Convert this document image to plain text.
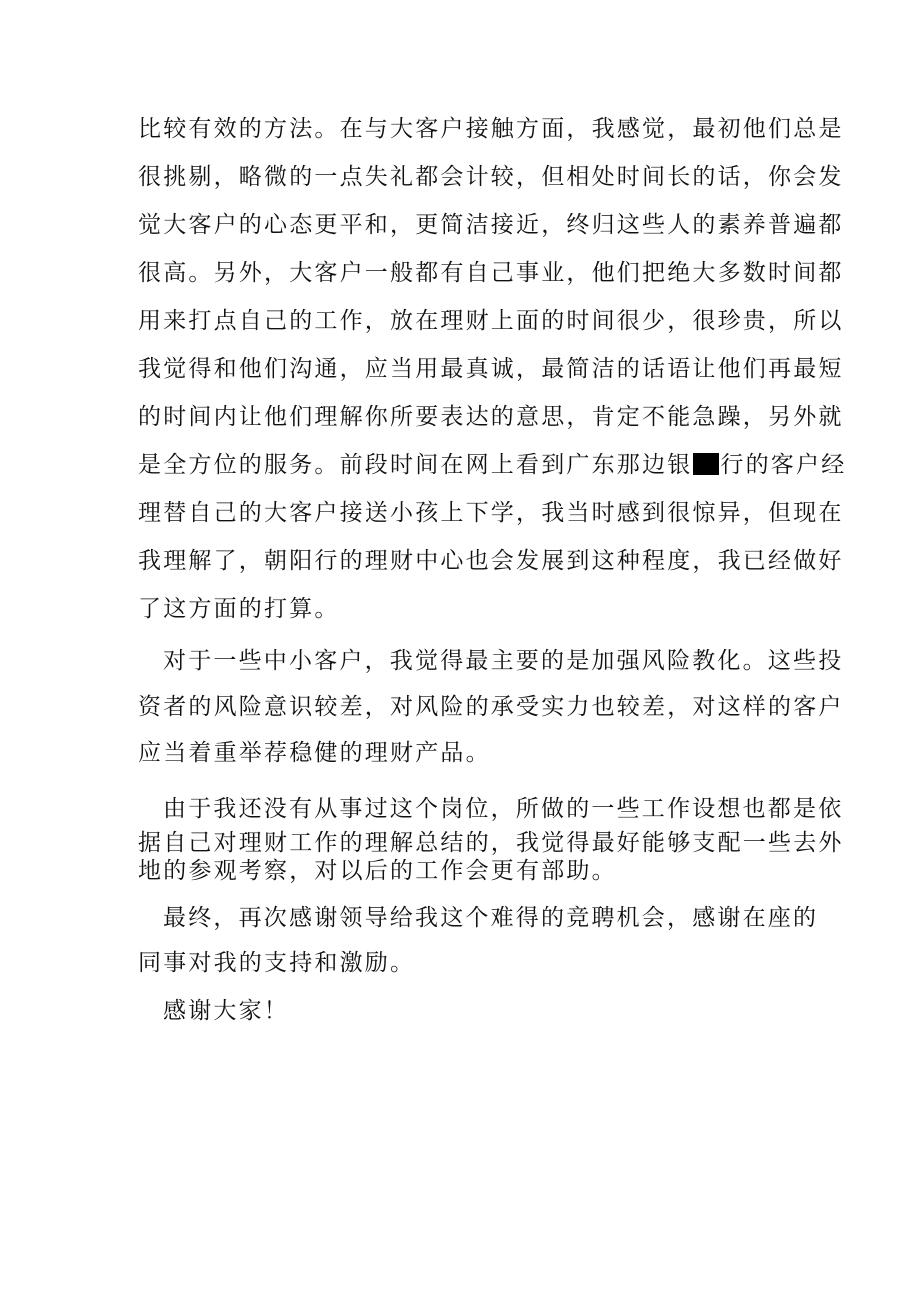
比较有效的方法。在与大客户接触方面，我感觉，最初他们总是
很挑剔，略微的一点失礼都会计较，但相处时间长的话，你会发
觉大客户的心态更平和，更简洁接近，终归这些人的素养普遍都
很高。另外，大客户一般都有自己事业，他们把绝大多数时间都
用来打点自己的工作，放在理财上面的时间很少，很珍贵，所以
我觉得和他们沟通，应当用最真诚，最简洁的话语让他们再最短
的时间内让他们理解你所要表达的意思，肯定不能急躁，另外就
是全方位的服务。前段时间在网上看到广东那边银 行的客户经
理替自己的大客户接送小孩上下学，我当时感到很惊异，但现在
我理解了，朝阳行的理财中心也会发展到这种程度，我已经做好
了这方面的打算。
对于一些中小客户，我觉得最主要的是加强风险教化。这些投
资者的风险意识较差，对风险的承受实力也较差，对这样的客户
应当着重举荐稳健的理财产品。
由于我还没有从事过这个岗位，所做的一些工作设想也都是依
据自己对理财工作的理解总结的，我觉得最好能够支配一些去外
地的参观考察，对以后的工作会更有部助。
最终，再次感谢领导给我这个难得的竞聘机会，感谢在座的
同事对我的支持和激励。
感谢大家！
